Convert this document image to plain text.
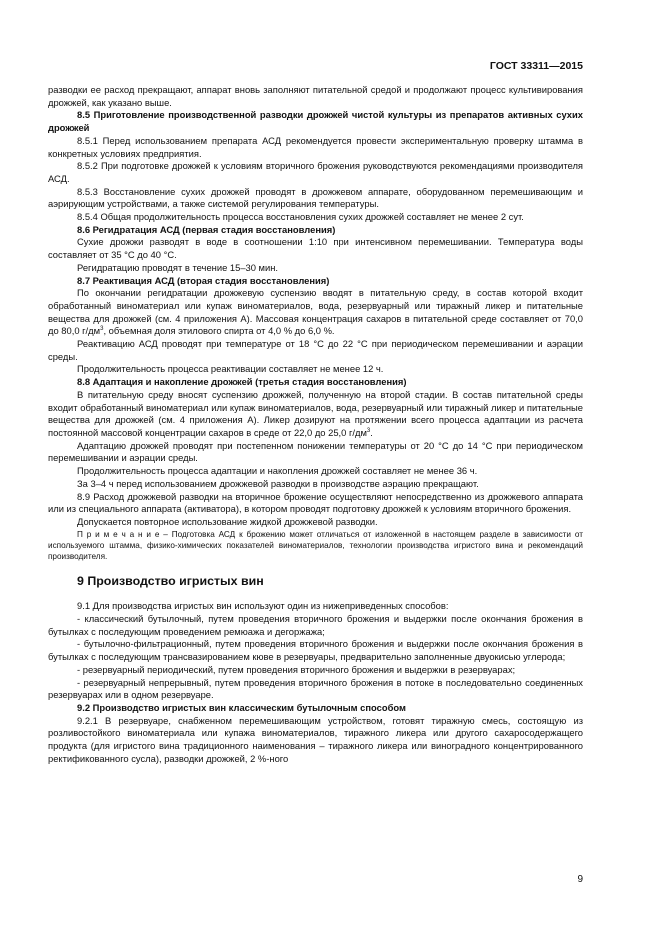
ГОСТ 33311—2015

разводки ее расход прекращают, аппарат вновь заполняют питательной средой и продолжают процесс культивирования дрожжей, как указано выше.

8.5 Приготовление производственной разводки дрожжей чистой культуры из препаратов активных сухих дрожжей

8.5.1 Перед использованием препарата АСД рекомендуется провести экспериментальную проверку штамма в конкретных условиях предприятия.

8.5.2 При подготовке дрожжей к условиям вторичного брожения руководствуются рекомендациями производителя АСД.

8.5.3 Восстановление сухих дрожжей проводят в дрожжевом аппарате, оборудованном перемешивающим и аэрирующим устройствами, а также системой регулирования температуры.

8.5.4 Общая продолжительность процесса восстановления сухих дрожжей составляет не менее 2 сут.

8.6 Регидратация АСД (первая стадия восстановления)

Сухие дрожжи разводят в воде в соотношении 1:10 при интенсивном перемешивании. Температура воды составляет от 35 °С до 40 °С.

Регидратацию проводят в течение 15–30 мин.

8.7 Реактивация АСД (вторая стадия восстановления)

По окончании регидратации дрожжевую суспензию вводят в питательную среду, в состав которой входит обработанный виноматериал или купаж виноматериалов, вода, резервуарный или тиражный ликер и питательные вещества для дрожжей (см. 4 приложения А). Массовая концентрация сахаров в питательной среде составляет от 70,0 до 80,0 $г/дм^3$, объемная доля этилового спирта от 4,0 % до 6,0 %.

Реактивацию АСД проводят при температуре от 18 °С до 22 °С при периодическом перемешивании и аэрации среды.

Продолжительность процесса реактивации составляет не менее 12 ч.

8.8 Адаптация и накопление дрожжей (третья стадия восстановления)

В питательную среду вносят суспензию дрожжей, полученную на второй стадии. В состав питательной среды входит обработанный виноматериал или купаж виноматериалов, вода, резервуарный или тиражный ликер и питательные вещества для дрожжей (см. 4 приложения А). Ликер дозируют на протяжении всего процесса адаптации из расчета постоянной массовой концентрации сахаров в среде от 22,0 до 25,0 $г/дм^3$.

Адаптацию дрожжей проводят при постепенном понижении температуры от 20 °С до 14 °С при периодическом перемешивании и аэрации среды.

Продолжительность процесса адаптации и накопления дрожжей составляет не менее 36 ч.

За 3–4 ч перед использованием дрожжевой разводки в производстве аэрацию прекращают.

8.9 Расход дрожжевой разводки на вторичное брожение осуществляют непосредственно из дрожжевого аппарата или из специального аппарата (активатора), в котором проводят подготовку дрожжей к условиям вторичного брожения.

Допускается повторное использование жидкой дрожжевой разводки.

П р и м е ч а н и е – Подготовка АСД к брожению может отличаться от изложенной в настоящем разделе в зависимости от используемого штамма, физико-химических показателей виноматериалов, технологии производства игристого вина и рекомендаций производителя.

9 Производство игристых вин

9.1 Для производства игристых вин используют один из нижеприведенных способов:

- классический бутылочный, путем проведения вторичного брожения и выдержки после окончания брожения в бутылках с последующим проведением ремюажа и дегоржажа;

- бутылочно-фильтрационный, путем проведения вторичного брожения и выдержки после окончания брожения в бутылках с последующим трансвазированием кюве в резервуары, предварительно заполненные двуокисью углерода;

- резервуарный периодический, путем проведения вторичного брожения и выдержки в резервуарах;

- резервуарный непрерывный, путем проведения вторичного брожения в потоке в последовательно соединенных резервуарах или в одном резервуаре.

9.2 Производство игристых вин классическим бутылочным способом

9.2.1 В резервуаре, снабженном перемешивающим устройством, готовят тиражную смесь, состоящую из розливостойкого виноматериала или купажа виноматериалов, тиражного ликера или другого сахаросодержащего продукта (для игристого вина традиционного наименования – тиражного ликера или виноградного концентрированного ректификованного сусла), разводки дрожжей, 2 %-ного

9
